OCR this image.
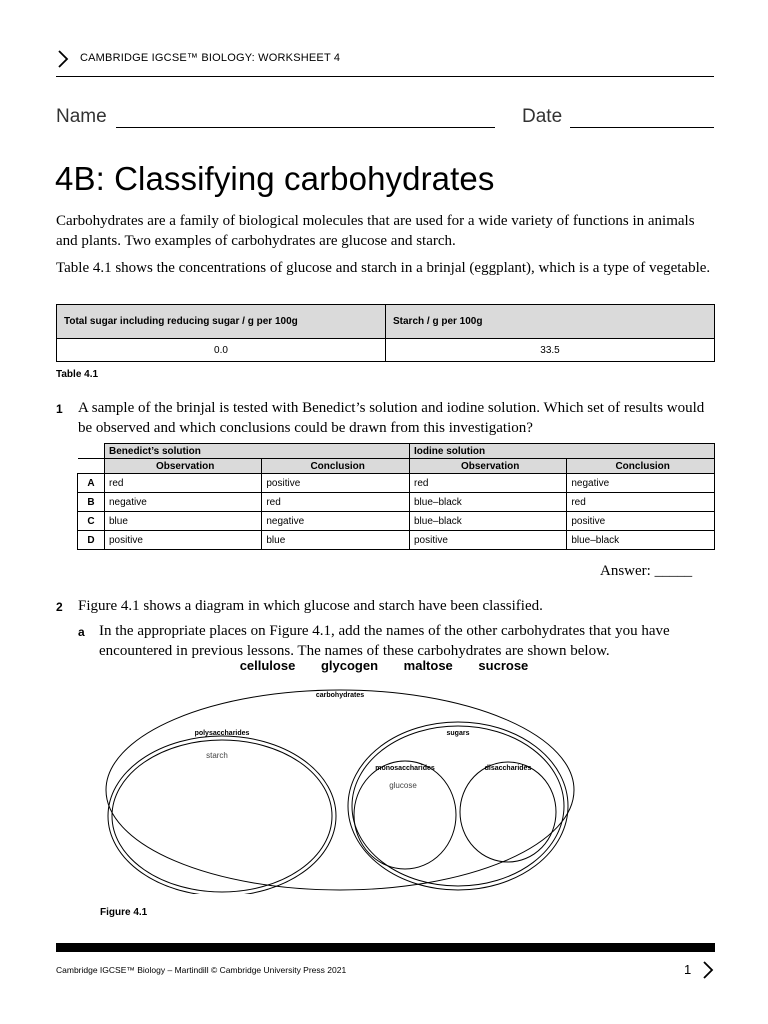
CAMBRIDGE IGCSE™ BIOLOGY: WORKSHEET 4
Name	Date
4B: Classifying carbohydrates
Carbohydrates are a family of biological molecules that are used for a wide variety of functions in animals and plants. Two examples of carbohydrates are glucose and starch.
Table 4.1 shows the concentrations of glucose and starch in a brinjal (eggplant), which is a type of vegetable.
Total sugar including reducing sugar / g per 100g	Starch / g per 100g
0.0	33.5
Table 4.1
1 A sample of the brinjal is tested with Benedict’s solution and iodine solution. Which set of results would be observed and which conclusions could be drawn from this investigation?
	Benedict’s solution		Iodine solution	
	Observation	Conclusion	Observation	Conclusion
A	red	positive	red	negative
B	negative	red	blue–black	red
C	blue	negative	blue–black	positive
D	positive	blue	positive	blue–black
Answer: _____
2 Figure 4.1 shows a diagram in which glucose and starch have been classified.
a In the appropriate places on Figure 4.1, add the names of the other carbohydrates that you have encountered in previous lessons. The names of these carbohydrates are shown below.
cellulose glycogen maltose sucrose
carbohydrates
polysaccharides
starch
sugars
monosaccharides
glucose
disaccharides
Figure 4.1
Cambridge IGCSE™ Biology – Martindill © Cambridge University Press 2021	1
